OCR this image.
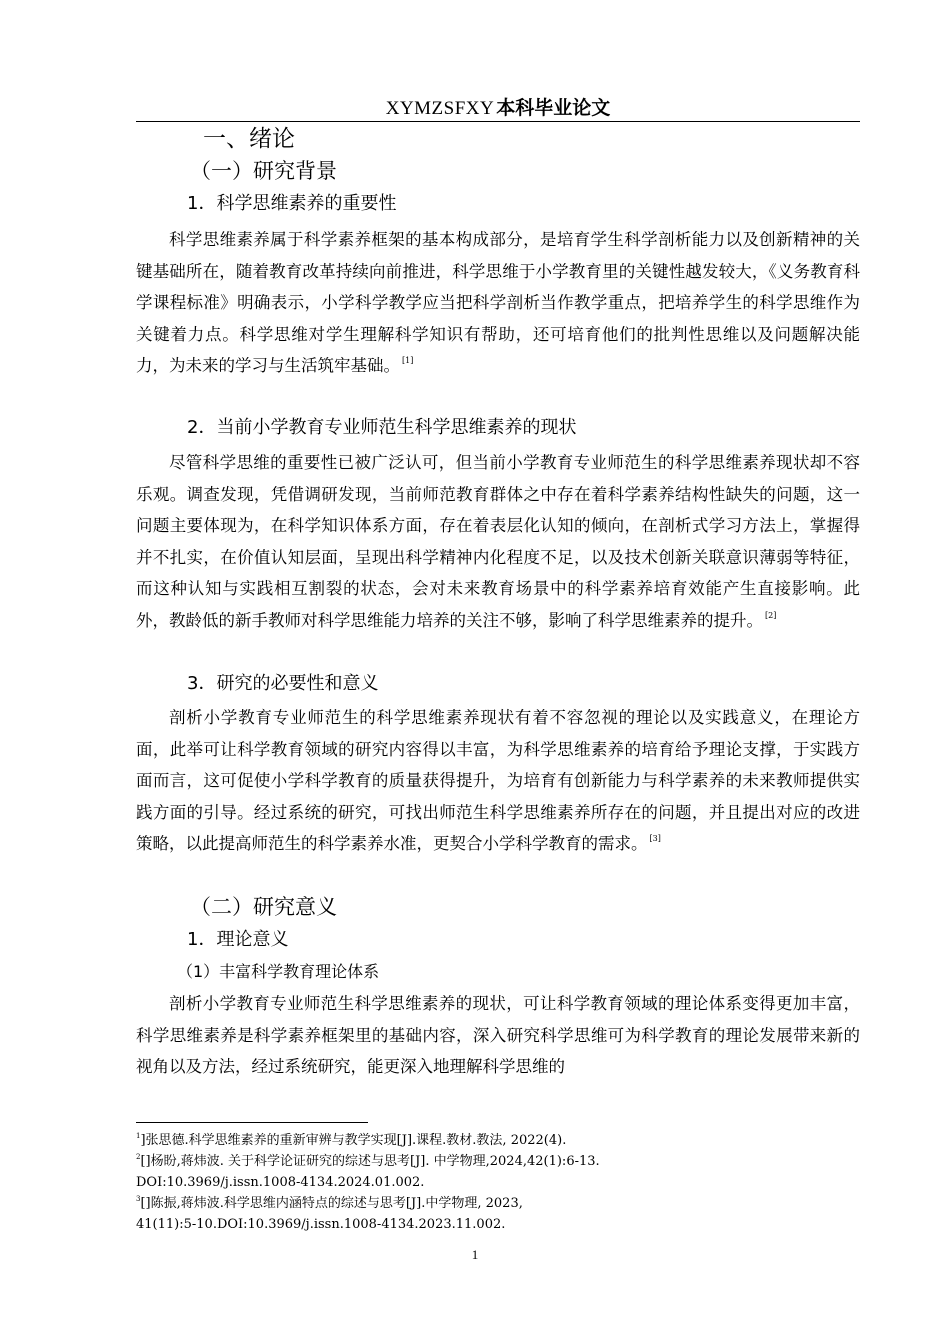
XYMZSFXY 本科毕业论文
一、绪论
（一）研究背景
1．科学思维素养的重要性

科学思维素养属于科学素养框架的基本构成部分，是培育学生科学剖析能力以及创新精神的关键基础所在，随着教育改革持续向前推进，科学思维于小学教育里的关键性越发较大，《义务教育科学课程标准》明确表示，小学科学教学应当把科学剖析当作教学重点，把培养学生的科学思维作为关键着力点。科学思维对学生理解科学知识有帮助，还可培育他们的批判性思维以及问题解决能力，为未来的学习与生活筑牢基础。 [1]

2．当前小学教育专业师范生科学思维素养的现状

尽管科学思维的重要性已被广泛认可，但当前小学教育专业师范生的科学思维素养现状却不容乐观。调查发现，凭借调研发现，当前师范教育群体之中存在着科学素养结构性缺失的问题，这一问题主要体现为，在科学知识体系方面，存在着表层化认知的倾向，在剖析式学习方法上，掌握得并不扎实，在价值认知层面，呈现出科学精神内化程度不足，以及技术创新关联意识薄弱等特征，而这种认知与实践相互割裂的状态，会对未来教育场景中的科学素养培育效能产生直接影响。此外，教龄低的新手教师对科学思维能力培养的关注不够，影响了科学思维素养的提升。 [2]

3．研究的必要性和意义

剖析小学教育专业师范生的科学思维素养现状有着不容忽视的理论以及实践意义，在理论方面，此举可让科学教育领域的研究内容得以丰富，为科学思维素养的培育给予理论支撑，于实践方面而言，这可促使小学科学教育的质量获得提升，为培育有创新能力与科学素养的未来教师提供实践方面的引导。经过系统的研究，可找出师范生科学思维素养所存在的问题，并且提出对应的改进策略，以此提高师范生的科学素养水准，更契合小学科学教育的需求。 [3]

（二）研究意义
1．理论意义
（1）丰富科学教育理论体系

剖析小学教育专业师范生科学思维素养的现状，可让科学教育领域的理论体系变得更加丰富，科学思维素养是科学素养框架里的基础内容，深入研究科学思维可为科学教育的理论发展带来新的视角以及方法，经过系统研究，能更深入地理解科学思维的

$^1$]张思德.科学思维素养的重新审辨与教学实现[J].课程.教材.教法, 2022(4).
$^2$[]杨盼,蒋炜波. 关于科学论证研究的综述与思考[J]. 中学物理,2024,42(1):6-13.
DOI:10.3969/j.issn.1008-4134.2024.01.002.
$^3$[]陈振,蒋炜波.科学思维内涵特点的综述与思考[J].中学物理, 2023,
41(11):5-10.DOI:10.3969/j.issn.1008-4134.2023.11.002.
1
